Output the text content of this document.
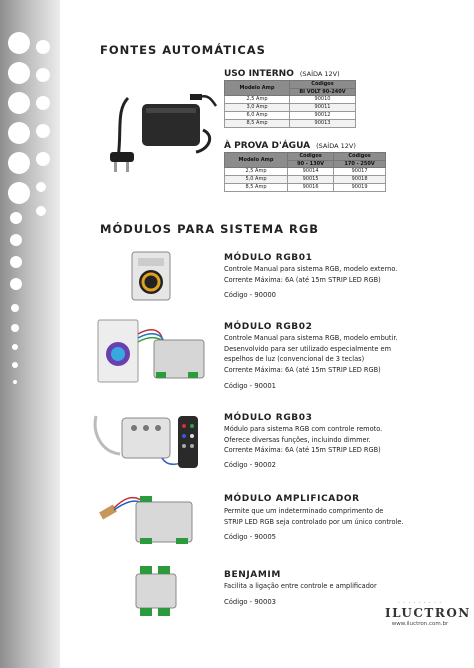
FONTES AUTOMÁTICAS
USO INTERNO (SAÍDA 12V)
Modelo Amp	Códigos
	BI VOLT 90-240V
2,5 Amp	90010
3,0 Amp	90011
6,0 Amp	90012
8,5 Amp	90013
À PROVA D'ÁGUA (SAÍDA 12V)
Modelo Amp	Códigos	Códigos
	90 - 130V	170 - 250V
2,5 Amp	90014	90017
5,0 Amp	90015	90018
8,5 Amp	90016	90019
MÓDULOS PARA SISTEMA RGB
MÓDULO RGB01
Controle Manual para sistema RGB, modelo externo.
Corrente Máxima: 6A (até 15m STRIP LED RGB)
Código - 90000
MÓDULO RGB02
Controle Manual para sistema RGB, modelo embutir.
Desenvolvido para ser utilizado especialmente em
espelhos de luz (convencional de 3 teclas)
Corrente Máxima: 6A (até 15m STRIP LED RGB)
Código - 90001
MÓDULO RGB03
Módulo para sistema RGB com controle remoto.
Oferece diversas funções, incluindo dimmer.
Corrente Máxima: 6A (até 15m STRIP LED RGB)
Código - 90002
MÓDULO AMPLIFICADOR
Permite que um indeterminado comprimento de
STRIP LED RGB seja controlado por um único controle.
Código - 90005
BENJAMIM
Facilita a ligação entre controle e amplificador
Código - 90003	· · · · · · · · ·
ILUCTRON
www.iluctron.com.br
